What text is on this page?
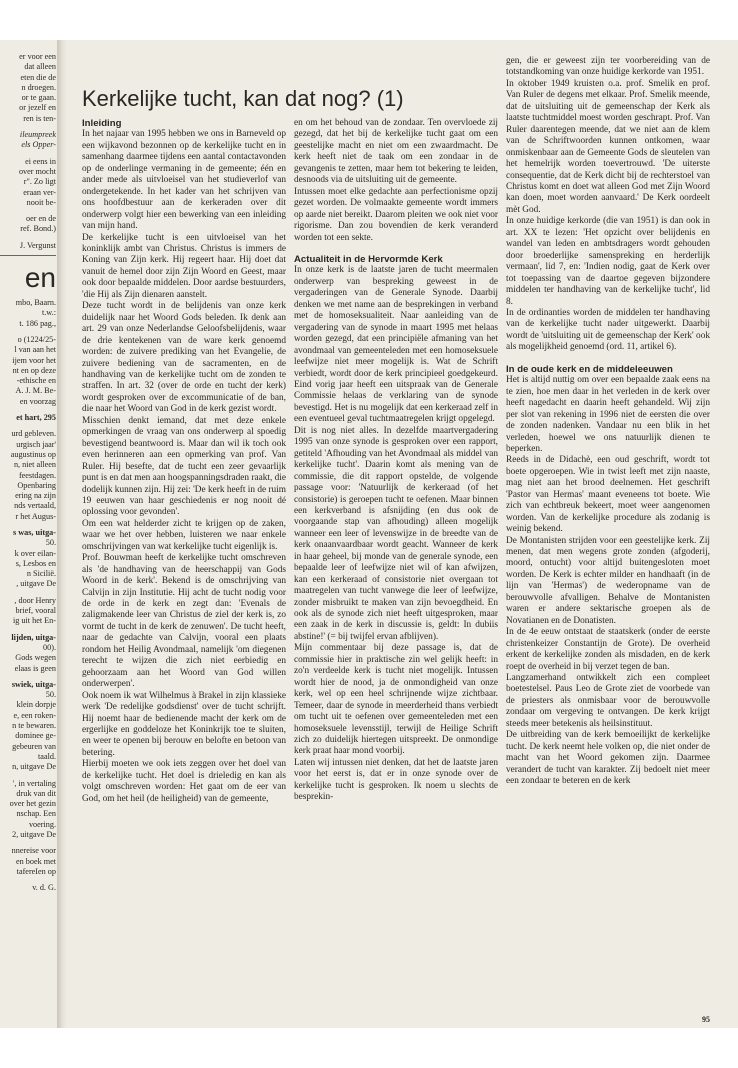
er voor een
dat alleen
eten die de
n droegen.
or te gaan.
or jezelf en
ren is ten-
ileumpreek
els Opper-
ei eens in
over mocht
r". Zo ligt
eraan ver-
nooit be-
oer en de
ref. Bond.)
J. Vergunst
en
mbo, Baarn.
t.w.:
t. 186 pag.,
o (1224/25-
l van aan het
ijem voor het
nt en op deze
-ethische en
A. J. M. Be-
en voorzag
et hart, 295
urd gebleven.
urgisch jaar'
augustinus op
n, niet alleen
feestdagen.
Openbaring
ering na zijn
nds vertaald,
r het Augus-
s was, uitga-
50.
k over eilan-
s, Lesbos en
n Sicilië.
, uitgave De
, door Henry
brief, vooral
ig uit het En-
lijden, uitga-
00).
Gods wegen
elaas is geen
swiek, uitga-
50.
klein dorpje
e, een roken-
n te bewaren.
dominee ge-
gebeuren van
taald.
n, uitgave De
', in vertaling
druk van dit
over het gezin
nschap. Een
voering.
2, uitgave De
nnereise voor
en boek met
tafereIen op
v. d. G.
Kerkelijke tucht, kan dat nog? (1)
Inleiding

In het najaar van 1995 hebben we ons in Barneveld op een wijkavond bezonnen op de kerkelijke tucht en in samenhang daarmee tijdens een aantal contactavonden op de onderlinge vermaning in de gemeente; één en ander mede als uitvloeisel van het studieverlof van ondergetekende. In het kader van het schrijven van ons hoofdbestuur aan de kerkeraden over dit onderwerp volgt hier een bewerking van een inleiding van mijn hand.

De kerkelijke tucht is een uitvloeisel van het koninklijk ambt van Christus. Christus is immers de Koning van Zijn kerk. Hij regeert haar. Hij doet dat vanuit de hemel door zijn Zijn Woord en Geest, maar ook door bepaalde middelen. Door aardse bestuurders, 'die Hij als Zijn dienaren aanstelt.

Deze tucht wordt in de belijdenis van onze kerk duidelijk naar het Woord Gods beleden. Ik denk aan art. 29 van onze Nederlandse Geloofsbelijdenis, waar de drie kentekenen van de ware kerk genoemd worden: de zuivere prediking van het Evangelie, de zuivere bediening van de sacramenten, en de handhaving van de kerkelijke tucht om de zonden te straffen. In art. 32 (over de orde en tucht der kerk) wordt gesproken over de excommunicatie of de ban, die naar het Woord van God in de kerk gezist wordt.

Misschien denkt iemand, dat met deze enkele opmerkingen de vraag van ons onderwerp al spoedig bevestigend beantwoord is. Maar dan wil ik toch ook even herinneren aan een opmerking van prof. Van Ruler. Hij besefte, dat de tucht een zeer gevaarlijk punt is en dat men aan hoogspanningsdraden raakt, die dodelijk kunnen zijn. Hij zei: 'De kerk heeft in de ruim 19 eeuwen van haar geschiedenis er nog nooit dé oplossing voor gevonden'.

Om een wat helderder zicht te krijgen op de zaken, waar we het over hebben, luisteren we naar enkele omschrijvingen van wat kerkelijke tucht eigenlijk is.

Prof. Bouwman heeft de kerkelijke tucht omschreven als 'de handhaving van de heerschappij van Gods Woord in de kerk'. Bekend is de omschrijving van Calvijn in zijn Institutie. Hij acht de tucht nodig voor de orde in de kerk en zegt dan: 'Evenals de zaligmakende leer van Christus de ziel der kerk is, zo vormt de tucht in de kerk de zenuwen'. De tucht heeft, naar de gedachte van Calvijn, vooral een plaats rondom het Heilig Avondmaal, namelijk 'om diegenen terecht te wijzen die zich niet eerbiedig en gehoorzaam aan het Woord van God willen onderwerpen'.

Ook noem ik wat Wilhelmus à Brakel in zijn klassieke werk 'De redelijke godsdienst' over de tucht schrijft. Hij noemt haar de bedienende macht der kerk om de ergerlijke en goddeloze het Koninkrijk toe te sluiten, en weer te openen bij berouw en belofte en betoon van betering.

Hierbij moeten we ook iets zeggen over het doel van de kerkelijke tucht. Het doel is drieledig en kan als volgt omschreven worden: Het gaat om de eer van God, om het heil (de heiligheid) van de gemeente,

en om het behoud van de zondaar. Ten overvloede zij gezegd, dat het bij de kerkelijke tucht gaat om een geestelijke macht en niet om een zwaardmacht. De kerk heeft niet de taak om een zondaar in de gevangenis te zetten, maar hem tot bekering te leiden, desnoods via de uitsluiting uit de gemeente.

Intussen moet elke gedachte aan perfectionisme opzij gezet worden. De volmaakte gemeente wordt immers op aarde niet bereikt. Daarom pleiten we ook niet voor rigorisme. Dan zou bovendien de kerk veranderd worden tot een sekte.

Actualiteit in de Hervormde Kerk

In onze kerk is de laatste jaren de tucht meermalen onderwerp van bespreking geweest in de vergaderingen van de Generale Synode. Daarbij denken we met name aan de besprekingen in verband met de homoseksualiteit. Naar aanleiding van de vergadering van de synode in maart 1995 met helaas worden gezegd, dat een principiële afmaning van het avondmaal van gemeenteleden met een homoseksuele leefwijze niet meer mogelijk is. Wat de Schrift verbiedt, wordt door de kerk principieel goedgekeurd. Eind vorig jaar heeft een uitspraak van de Generale Commissie helaas de verklaring van de synode bevestigd. Het is nu mogelijk dat een kerkeraad zelf in een eventueel geval tuchtmaatregelen krijgt opgelegd.

Dit is nog niet alles. In dezelfde maartvergadering 1995 van onze synode is gesproken over een rapport, getiteld 'Afhouding van het Avondmaal als middel van kerkelijke tucht'. Daarin komt als mening van de commissie, die dit rapport opstelde, de volgende passage voor: 'Natuurlijk de kerkeraad (of het consistorie) is geroepen tucht te oefenen. Maar binnen een kerkverband is afsnijding (en dus ook de voorgaande stap van afhouding) alleen mogelijk wanneer een leer of levenswijze in de breedte van de kerk onaanvaardbaar wordt geacht. Wanneer de kerk in haar geheel, bij monde van de generale synode, een bepaalde leer of leefwijze niet wil of kan afwijzen, kan een kerkeraad of consistorie niet overgaan tot maatregelen van tucht vanwege die leer of leefwijze, zonder misbruikt te maken van zijn bevoegdheid. En ook als de synode zich niet heeft uitgesproken, maar een zaak in de kerk in discussie is, geldt: In dubiis abstine!' (= bij twijfel ervan afblijven).

Mijn commentaar bij deze passage is, dat de commissie hier in praktische zin wel gelijk heeft: in zo'n verdeelde kerk is tucht niet mogelijk. Intussen wordt hier de nood, ja de onmondigheid van onze kerk, wel op een heel schrijnende wijze zichtbaar. Temeer, daar de synode in meerderheid thans verbiedt om tucht uit te oefenen over gemeenteleden met een homoseksuele levensstijl, terwijl de Heilige Schrift zich zo duidelijk hiertegen uitspreekt. De onmondige kerk praat haar mond voorbij.

Laten wij intussen niet denken, dat het de laatste jaren voor het eerst is, dat er in onze synode over de kerkelijke tucht is gesproken. Ik noem u slechts de besprekin-

gen, die er geweest zijn ter voorbereiding van de totstandkoming van onze huidige kerkorde van 1951.

In oktober 1949 kruisten o.a. prof. Smelik en prof. Van Ruler de degens met elkaar. Prof. Smelik meende, dat de uitsluiting uit de gemeenschap der Kerk als laatste tuchtmiddel moest worden geschrapt. Prof. Van Ruler daarentegen meende, dat we niet aan de klem van de Schriftwoorden kunnen ontkomen, waar onmiskenbaar aan de Gemeente Gods de sleutelen van het hemelrijk worden toevertrouwd. 'De uiterste consequentie, dat de Kerk dicht bij de rechterstoel van Christus komt en doet wat alleen God met Zijn Woord kan doen, moet worden aanvaard.' De Kerk oordeelt mèt God.

In onze huidige kerkorde (die van 1951) is dan ook in art. XX te lezen: 'Het opzicht over belijdenis en wandel van leden en ambtsdragers wordt gehouden door broederlijke samenspreking en herderlijk vermaan', lid 7, en: 'Indien nodig, gaat de Kerk over tot toepassing van de daartoe gegeven bijzondere middelen ter handhaving van de kerkelijke tucht', lid 8.

In de ordinanties worden de middelen ter handhaving van de kerkelijke tucht nader uitgewerkt. Daarbij wordt de 'uitsluiting uit de gemeenschap der Kerk' ook als mogelijkheid genoemd (ord. 11, artikel 6).

In de oude kerk en de middeleeuwen

Het is altijd nuttig om over een bepaalde zaak eens na te zien, hoe men daar in het verleden in de kerk over heeft nagedacht en daarin heeft gehandeld. Wij zijn per slot van rekening in 1996 niet de eersten die over de zonden nadenken. Vandaar nu een blik in het verleden, hoewel we ons natuurlijk dienen te beperken.

Reeds in de Didachè, een oud geschrift, wordt tot boete opgeroepen. Wie in twist leeft met zijn naaste, mag niet aan het brood deelnemen. Het geschrift 'Pastor van Hermas' maant eveneens tot boete. Wie zich van echtbreuk bekeert, moet weer aangenomen worden. Van de kerkelijke procedure als zodanig is weinig bekend.

De Montanisten strijden voor een geestelijke kerk. Zij menen, dat men wegens grote zonden (afgoderij, moord, ontucht) voor altijd buitengesloten moet worden. De Kerk is echter milder en handhaaft (in de lijn van 'Hermas') de wederopname van de berouwvolle afvalligen. Behalve de Montanisten waren er andere sektarische groepen als de Novatianen en de Donatisten.

In de 4e eeuw ontstaat de staatskerk (onder de eerste christenkeizer Constantijn de Grote). De overheid erkent de kerkelijke zonden als misdaden, en de kerk roept de overheid in bij verzet tegen de ban.

Langzamerhand ontwikkelt zich een compleet boetestelsel. Paus Leo de Grote ziet de voorbede van de priesters als onmisbaar voor de berouwvolle zondaar om vergeving te ontvangen. De kerk krijgt steeds meer betekenis als heilsinstituut.

De uitbreiding van de kerk bemoeilijkt de kerkelijke tucht. De kerk neemt hele volken op, die niet onder de macht van het Woord gekomen zijn. Daarmee verandert de tucht van karakter. Zij bedoelt niet meer een zondaar te beteren en de kerk

95
